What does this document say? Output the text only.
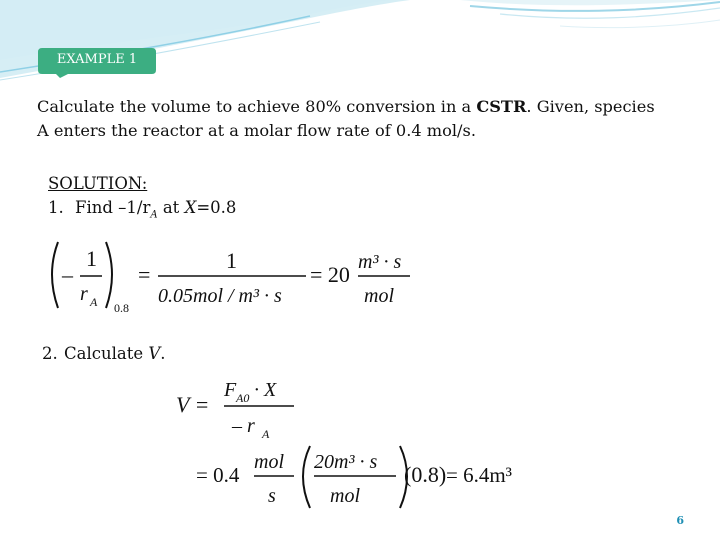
EXAMPLE 1
Calculate the volume to achieve 80% conversion in a CSTR. Given, species
A enters the reactor at a molar flow rate of 0.4 mol/s.
SOLUTION:
1. Find $-1/r_A$ at X=0.8
–
1
r A 0.8
=
1
0.05mol / m³ · s
= 20 m³ · s
mol
2. Calculate V.
V =
F A0 · X
– r A
= 0.4
mol
s
20m³ · s
mol
(0.8) = 6.4m³
6
